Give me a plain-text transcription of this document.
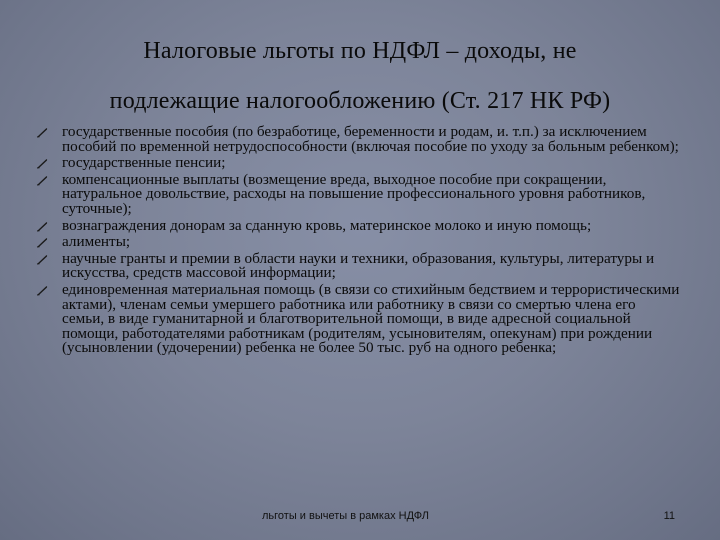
Налоговые льготы по НДФЛ – доходы, не
подлежащие налогообложению (Ст. 217 НК РФ)
государственные пособия (по безработице, беременности и родам, и. т.п.) за исключением пособий по временной нетрудоспособности (включая пособие по уходу за больным ребенком);
государственные пенсии;
компенсационные выплаты (возмещение вреда, выходное пособие при сокращении, натуральное довольствие, расходы на повышение профессионального уровня работников, суточные);
вознаграждения донорам за сданную кровь, материнское молоко и иную помощь;
алименты;
научные гранты и премии в области науки и техники, образования, культуры, литературы и искусства, средств массовой информации;
единовременная материальная помощь (в связи со стихийным бедствием и террористическими актами), членам семьи умершего работника или работнику в связи со смертью члена его семьи, в виде гуманитарной и благотворительной помощи, в виде адресной социальной помощи, работодателями работникам (родителям, усыновителям, опекунам) при рождении (усыновлении (удочерении) ребенка не более 50 тыс. руб на одного ребенка;
льготы и вычеты в рамках НДФЛ	11
